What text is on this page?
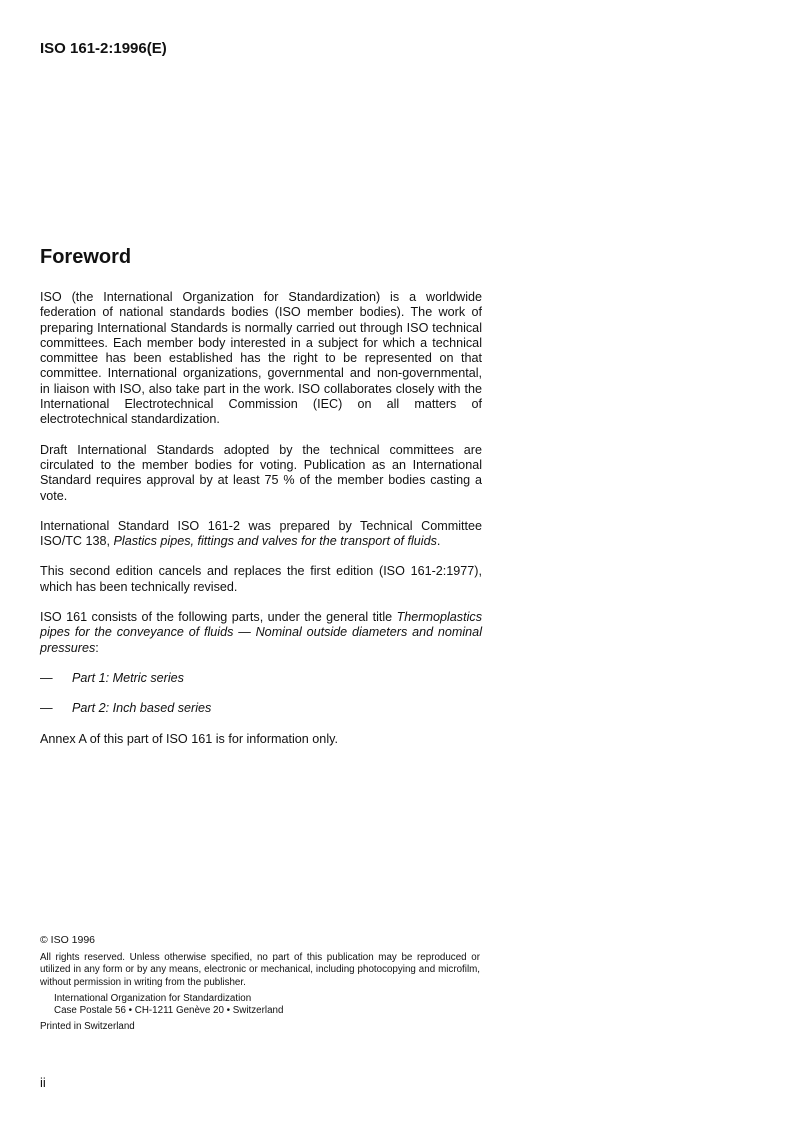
ISO 161-2:1996(E)
Foreword

ISO (the International Organization for Standardization) is a worldwide federation of national standards bodies (ISO member bodies). The work of preparing International Standards is normally carried out through ISO technical committees. Each member body interested in a subject for which a technical committee has been established has the right to be represented on that committee. International organizations, governmental and non-governmental, in liaison with ISO, also take part in the work. ISO collaborates closely with the International Electrotechnical Commission (IEC) on all matters of electrotechnical standardization.

Draft International Standards adopted by the technical committees are circulated to the member bodies for voting. Publication as an International Standard requires approval by at least 75 % of the member bodies casting a vote.

International Standard ISO 161-2 was prepared by Technical Committee ISO/TC 138, Plastics pipes, fittings and valves for the transport of fluids.

This second edition cancels and replaces the first edition (ISO 161-2:1977), which has been technically revised.

ISO 161 consists of the following parts, under the general title Thermoplastics pipes for the conveyance of fluids — Nominal outside diameters and nominal pressures:

—	Part 1: Metric series
—	Part 2: Inch based series

Annex A of this part of ISO 161 is for information only.

© ISO 1996

All rights reserved. Unless otherwise specified, no part of this publication may be reproduced or utilized in any form or by any means, electronic or mechanical, including photocopying and microfilm, without permission in writing from the publisher.

International Organization for Standardization
Case Postale 56 • CH-1211 Genève 20 • Switzerland

Printed in Switzerland

ii
